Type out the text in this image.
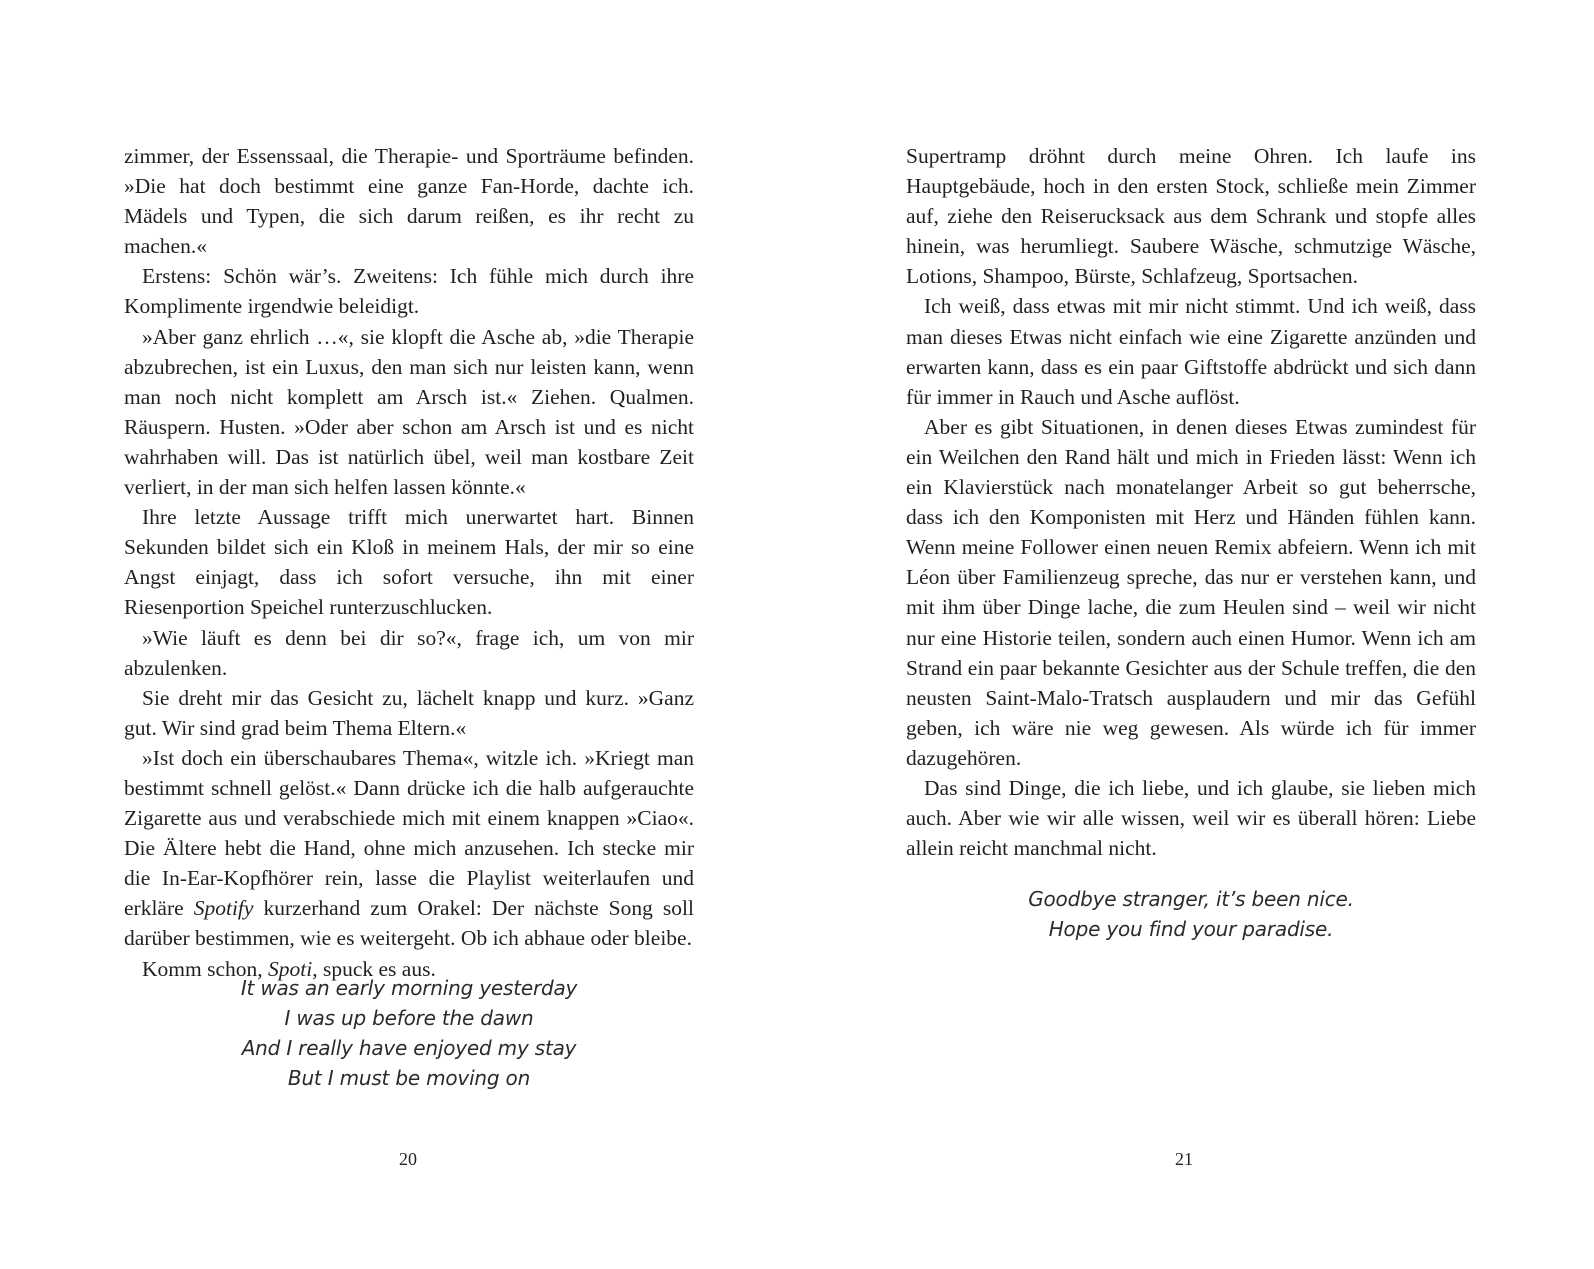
zimmer, der Essenssaal, die Therapie- und Sporträume befinden. »Die hat doch bestimmt eine ganze Fan-Horde, dachte ich. Mädels und Typen, die sich darum reißen, es ihr recht zu machen.«

Erstens: Schön wär’s. Zweitens: Ich fühle mich durch ihre Komplimente irgendwie beleidigt.

»Aber ganz ehrlich …«, sie klopft die Asche ab, »die Therapie abzubrechen, ist ein Luxus, den man sich nur leisten kann, wenn man noch nicht komplett am Arsch ist.« Ziehen. Qualmen. Räuspern. Husten. »Oder aber schon am Arsch ist und es nicht wahrhaben will. Das ist natürlich übel, weil man kostbare Zeit verliert, in der man sich helfen lassen könnte.«

Ihre letzte Aussage trifft mich unerwartet hart. Binnen Sekunden bildet sich ein Kloß in meinem Hals, der mir so eine Angst einjagt, dass ich sofort versuche, ihn mit einer Riesenportion Speichel runterzuschlucken.

»Wie läuft es denn bei dir so?«, frage ich, um von mir abzulenken.

Sie dreht mir das Gesicht zu, lächelt knapp und kurz. »Ganz gut. Wir sind grad beim Thema Eltern.«

»Ist doch ein überschaubares Thema«, witzle ich. »Kriegt man bestimmt schnell gelöst.« Dann drücke ich die halb aufgerauchte Zigarette aus und verabschiede mich mit einem knappen »Ciao«. Die Ältere hebt die Hand, ohne mich anzusehen. Ich stecke mir die In-Ear-Kopfhörer rein, lasse die Playlist weiterlaufen und erkläre Spotify kurzerhand zum Orakel: Der nächste Song soll darüber bestimmen, wie es weitergeht. Ob ich abhaue oder bleibe.

Komm schon, Spoti, spuck es aus.

It was an early morning yesterday
I was up before the dawn
And I really have enjoyed my stay
But I must be moving on
20

Supertramp dröhnt durch meine Ohren. Ich laufe ins Hauptgebäude, hoch in den ersten Stock, schließe mein Zimmer auf, ziehe den Reiserucksack aus dem Schrank und stopfe alles hinein, was herumliegt. Saubere Wäsche, schmutzige Wäsche, Lotions, Shampoo, Bürste, Schlafzeug, Sportsachen.

Ich weiß, dass etwas mit mir nicht stimmt. Und ich weiß, dass man dieses Etwas nicht einfach wie eine Zigarette anzünden und erwarten kann, dass es ein paar Giftstoffe abdrückt und sich dann für immer in Rauch und Asche auflöst.

Aber es gibt Situationen, in denen dieses Etwas zumindest für ein Weilchen den Rand hält und mich in Frieden lässt: Wenn ich ein Klavierstück nach monatelanger Arbeit so gut beherrsche, dass ich den Komponisten mit Herz und Händen fühlen kann. Wenn meine Follower einen neuen Remix abfeiern. Wenn ich mit Léon über Familienzeug spreche, das nur er verstehen kann, und mit ihm über Dinge lache, die zum Heulen sind – weil wir nicht nur eine Historie teilen, sondern auch einen Humor. Wenn ich am Strand ein paar bekannte Gesichter aus der Schule treffen, die den neusten Saint-Malo-Tratsch ausplaudern und mir das Gefühl geben, ich wäre nie weg gewesen. Als würde ich für immer dazugehören.

Das sind Dinge, die ich liebe, und ich glaube, sie lieben mich auch. Aber wie wir alle wissen, weil wir es überall hören: Liebe allein reicht manchmal nicht.

Goodbye stranger, it’s been nice.
Hope you find your paradise.
21
